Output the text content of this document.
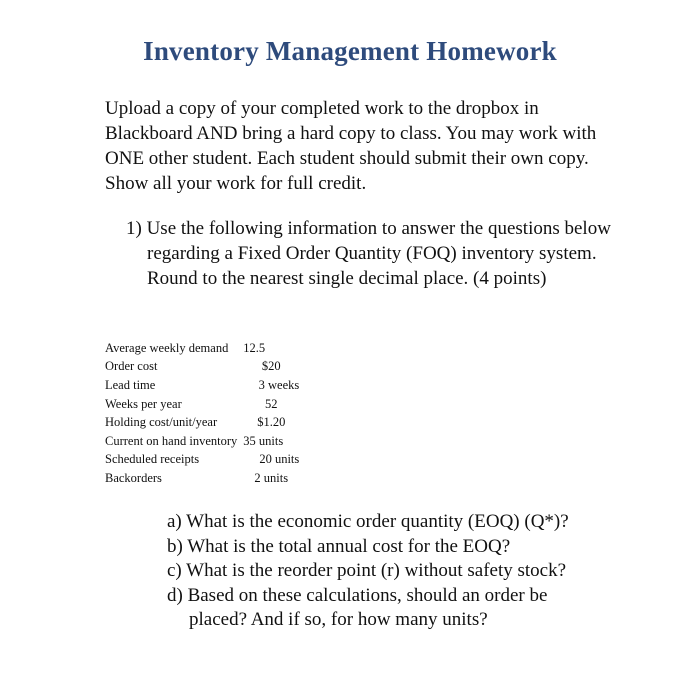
Inventory Management Homework
Upload a copy of your completed work to the dropbox in Blackboard AND bring a hard copy to class. You may work with ONE other student. Each student should submit their own copy. Show all your work for full credit.
1) Use the following information to answer the questions below regarding a Fixed Order Quantity (FOQ) inventory system. Round to the nearest single decimal place. (4 points)
Average weekly demand	12.5
Order cost	$20
Lead time	3 weeks
Weeks per year	52
Holding cost/unit/year	$1.20
Current on hand inventory	35 units
Scheduled receipts	20 units
Backorders	2 units
a) What is the economic order quantity (EOQ) (Q*)?
b) What is the total annual cost for the EOQ?
c) What is the reorder point (r) without safety stock?
d) Based on these calculations, should an order be placed? And if so, for how many units?
